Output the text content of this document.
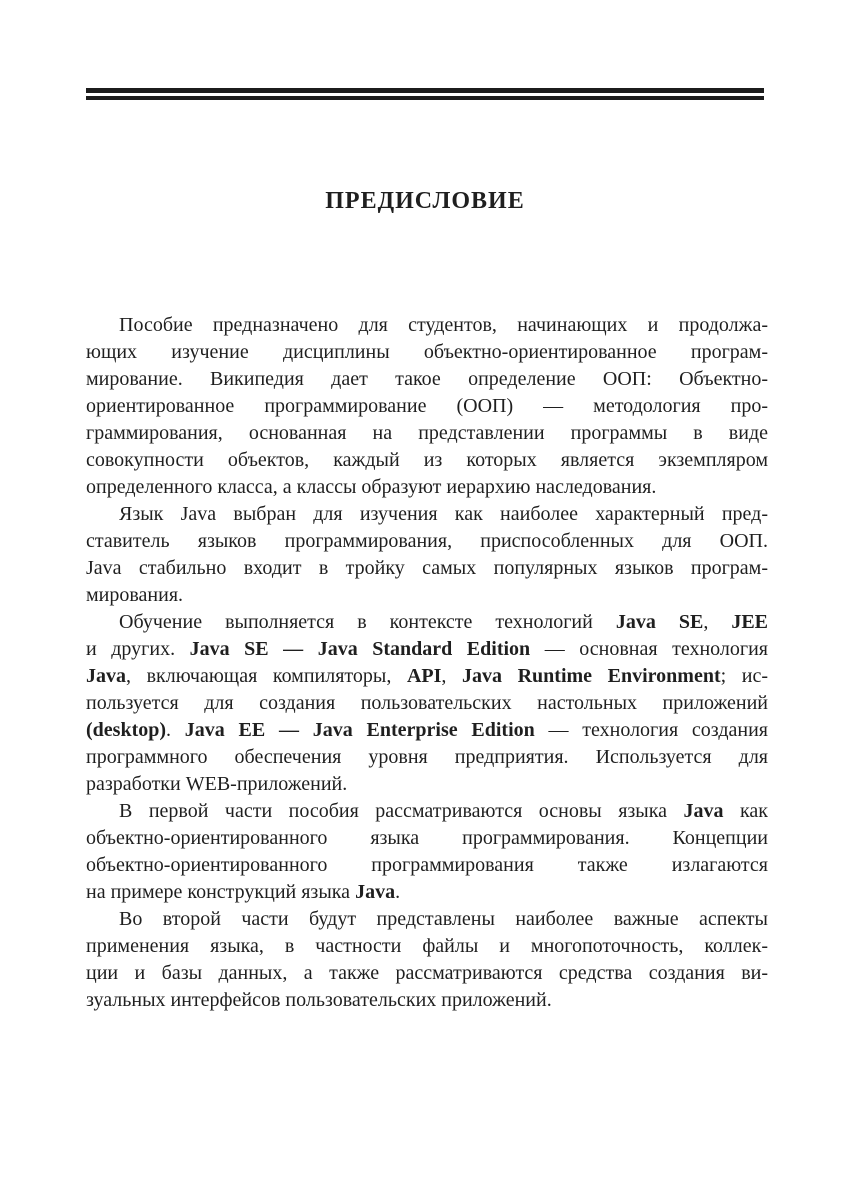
ПРЕДИСЛОВИЕ
Пособие предназначено для студентов, начинающих и продолжа-
ющих изучение дисциплины объектно-ориентированное програм-
мирование. Википедия дает такое определение ООП: Объектно-
ориентированное программирование (ООП) — методология про-
граммирования, основанная на представлении программы в виде
совокупности объектов, каждый из которых является экземпляром
определенного класса, а классы образуют иерархию наследования.
Язык Java выбран для изучения как наиболее характерный пред-
ставитель языков программирования, приспособленных для ООП.
Java стабильно входит в тройку самых популярных языков програм-
мирования.
Обучение выполняется в контексте технологий Java SE, JEE
и других. Java SE — Java Standard Edition — основная технология
Java, включающая компиляторы, API, Java Runtime Environment; ис-
пользуется для создания пользовательских настольных приложений
(desktop). Java EE — Java Enterprise Edition — технология создания
программного обеспечения уровня предприятия. Используется для
разработки WEB-приложений.
В первой части пособия рассматриваются основы языка Java как
объектно-ориентированного языка программирования. Концепции
объектно-ориентированного программирования также излагаются
на примере конструкций языка Java.
Во второй части будут представлены наиболее важные аспекты
применения языка, в частности файлы и многопоточность, коллек-
ции и базы данных, а также рассматриваются средства создания ви-
зуальных интерфейсов пользовательских приложений.
